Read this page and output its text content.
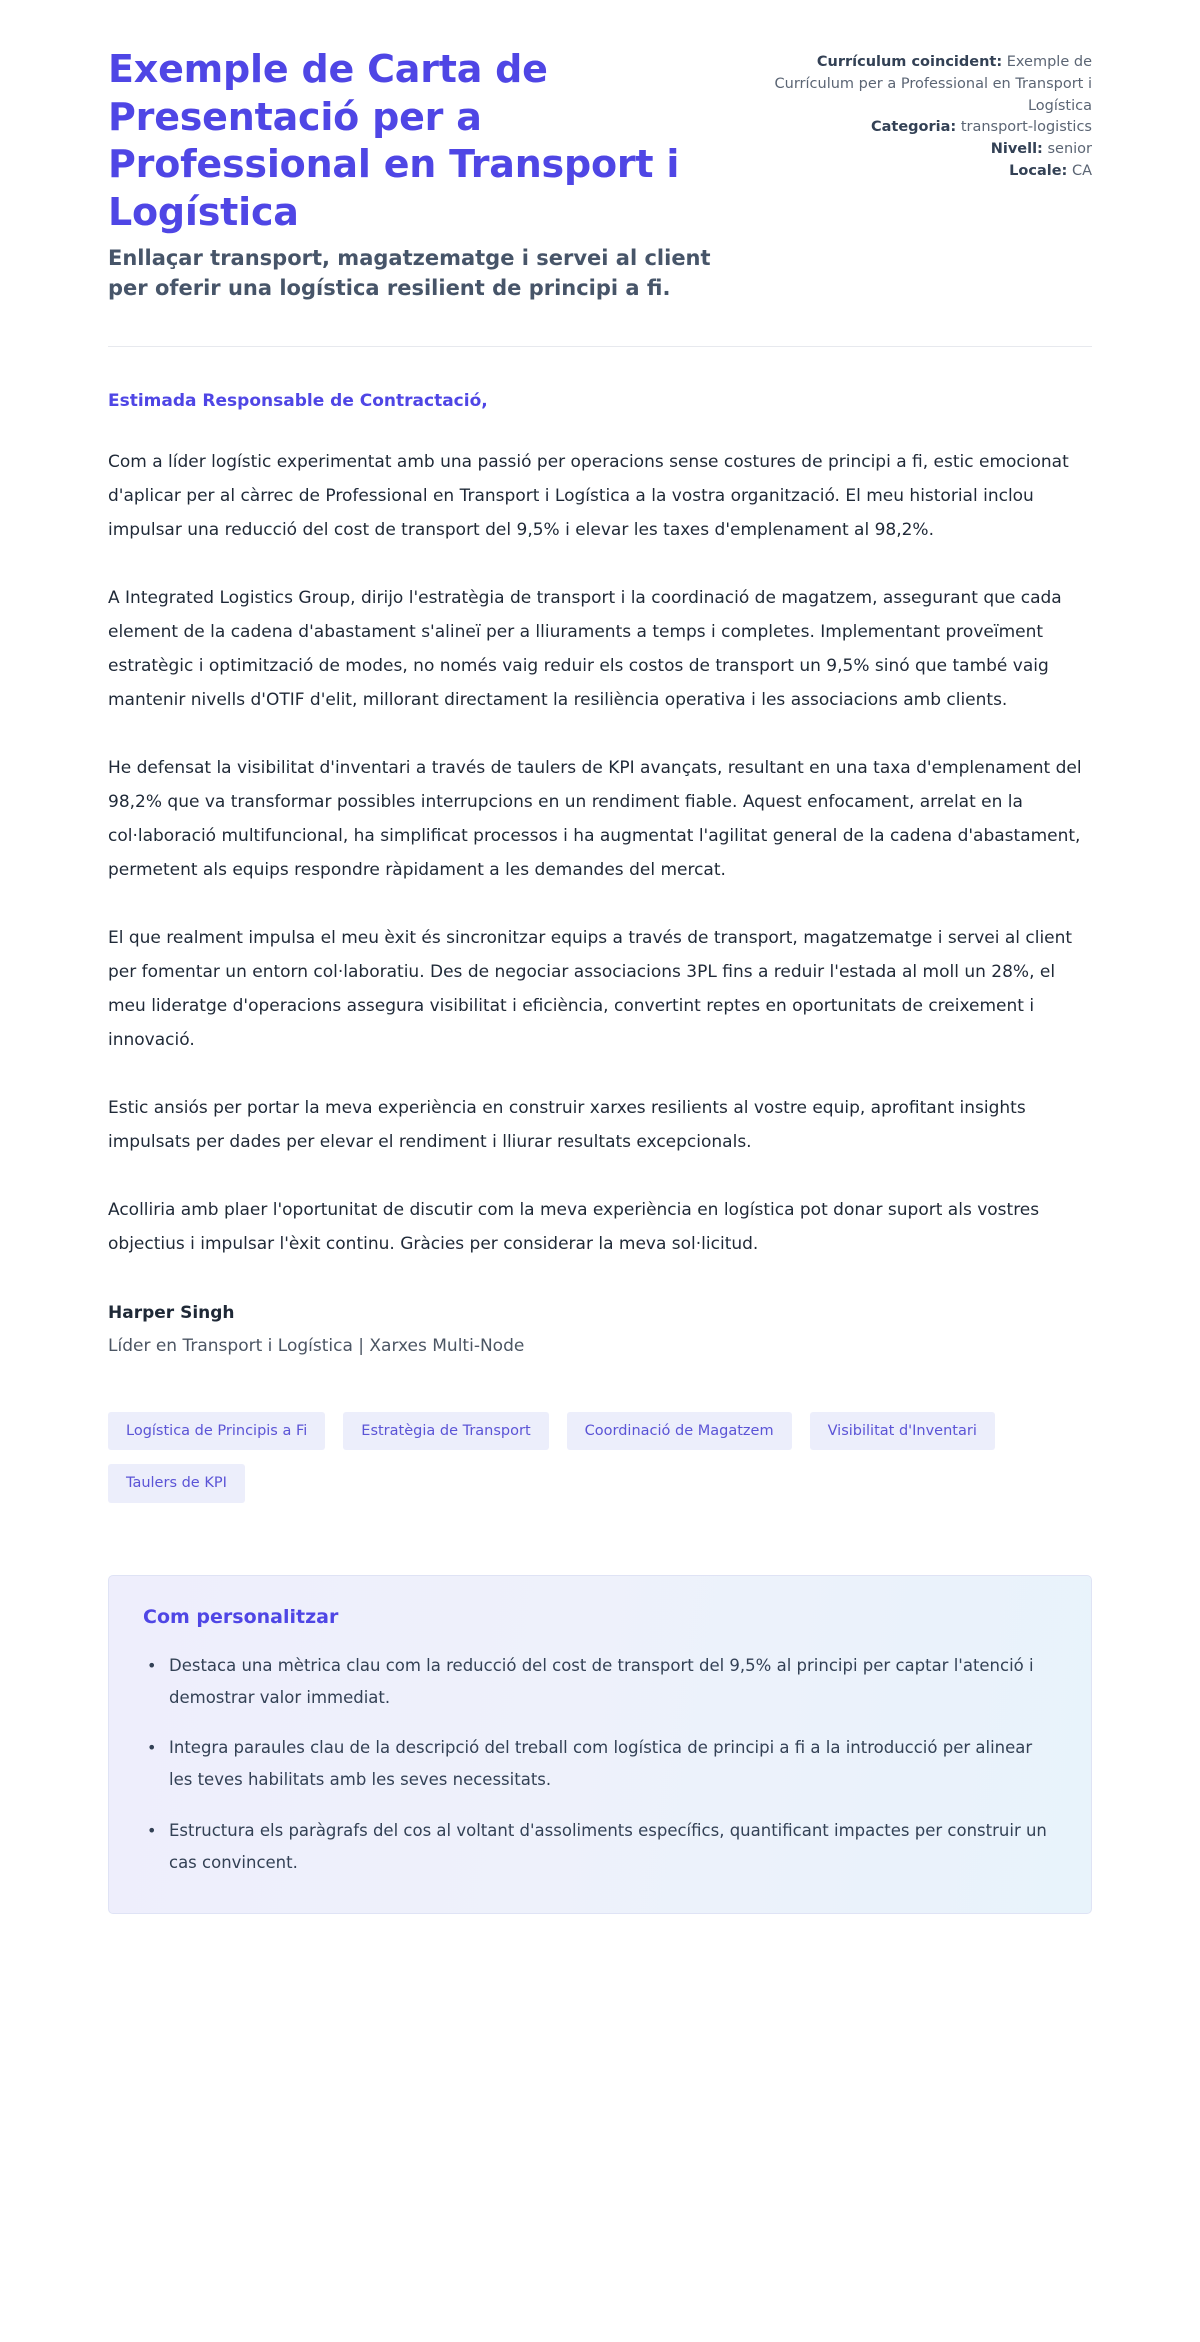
Exemple de Carta de Presentació per a Professional en Transport i Logística

Enllaçar transport, magatzematge i servei al client per oferir una logística resilient de principi a fi.

Currículum coincident: Exemple de Currículum per a Professional en Transport i Logística
Categoria: transport-logistics
Nivell: senior
Locale: CA

Estimada Responsable de Contractació,

Com a líder logístic experimentat amb una passió per operacions sense costures de principi a fi, estic emocionat d'aplicar per al càrrec de Professional en Transport i Logística a la vostra organització. El meu historial inclou impulsar una reducció del cost de transport del 9,5% i elevar les taxes d'emplenament al 98,2%.

A Integrated Logistics Group, dirijo l'estratègia de transport i la coordinació de magatzem, assegurant que cada element de la cadena d'abastament s'alineï per a lliuraments a temps i completes. Implementant proveïment estratègic i optimització de modes, no només vaig reduir els costos de transport un 9,5% sinó que també vaig mantenir nivells d'OTIF d'elit, millorant directament la resiliència operativa i les associacions amb clients.

He defensat la visibilitat d'inventari a través de taulers de KPI avançats, resultant en una taxa d'emplenament del 98,2% que va transformar possibles interrupcions en un rendiment fiable. Aquest enfocament, arrelat en la col·laboració multifuncional, ha simplificat processos i ha augmentat l'agilitat general de la cadena d'abastament, permetent als equips respondre ràpidament a les demandes del mercat.

El que realment impulsa el meu èxit és sincronitzar equips a través de transport, magatzematge i servei al client per fomentar un entorn col·laboratiu. Des de negociar associacions 3PL fins a reduir l'estada al moll un 28%, el meu lideratge d'operacions assegura visibilitat i eficiència, convertint reptes en oportunitats de creixement i innovació.

Estic ansiós per portar la meva experiència en construir xarxes resilients al vostre equip, aprofitant insights impulsats per dades per elevar el rendiment i lliurar resultats excepcionals.

Acolliria amb plaer l'oportunitat de discutir com la meva experiència en logística pot donar suport als vostres objectius i impulsar l'èxit continu. Gràcies per considerar la meva sol·licitud.

Harper Singh

Líder en Transport i Logística | Xarxes Multi-Node

Logística de Principis a Fi	Estratègia de Transport	Coordinació de Magatzem	Visibilitat d'Inventari
Taulers de KPI
Com personalitzar
• Destaca una mètrica clau com la reducció del cost de transport del 9,5% al principi per captar l'atenció i demostrar valor immediat.
• Integra paraules clau de la descripció del treball com logística de principi a fi a la introducció per alinear les teves habilitats amb les seves necessitats.
• Estructura els paràgrafs del cos al voltant d'assoliments específics, quantificant impactes per construir un cas convincent.
